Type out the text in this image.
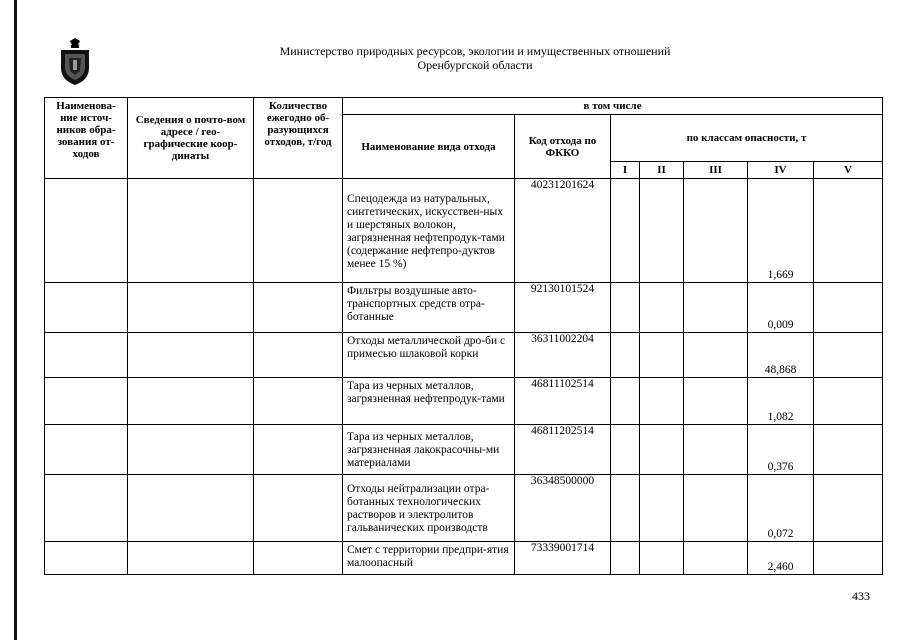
Министерство природных ресурсов, экологии и имущественных отношений
Оренбургской области
Наименова-ние источ-ников обра-зования от-ходов	Сведения о почто-вом адресе / гео-графические коор-динаты	Количество ежегодно об-разующихся отходов, т/год	в том числе						
			Наименование вида отхода	Код отхода по ФККО	по классам опасности, т				
					I	II	III	IV	V
			Спецодежда из натуральных, синтетических, искусствен-ных и шерстяных волокон, загрязненная нефтепродук-тами (содержание нефтепро-дуктов менее 15 %)	40231201624				1,669	
			Фильтры воздушные авто-транспортных средств отра-ботанные	92130101524				0,009	
			Отходы металлической дро-би с примесью шлаковой корки	36311002204				48,868	
			Тара из черных металлов, загрязненная нефтепродук-тами	46811102514				1,082	
			Тара из черных металлов, загрязненная лакокрасочны-ми материалами	46811202514				0,376	
			Отходы нейтрализации отра-ботанных технологических растворов и электролитов гальванических производств	36348500000				0,072	
			Смет с территории предпри-ятия малоопасный	73339001714				2,460	
433
